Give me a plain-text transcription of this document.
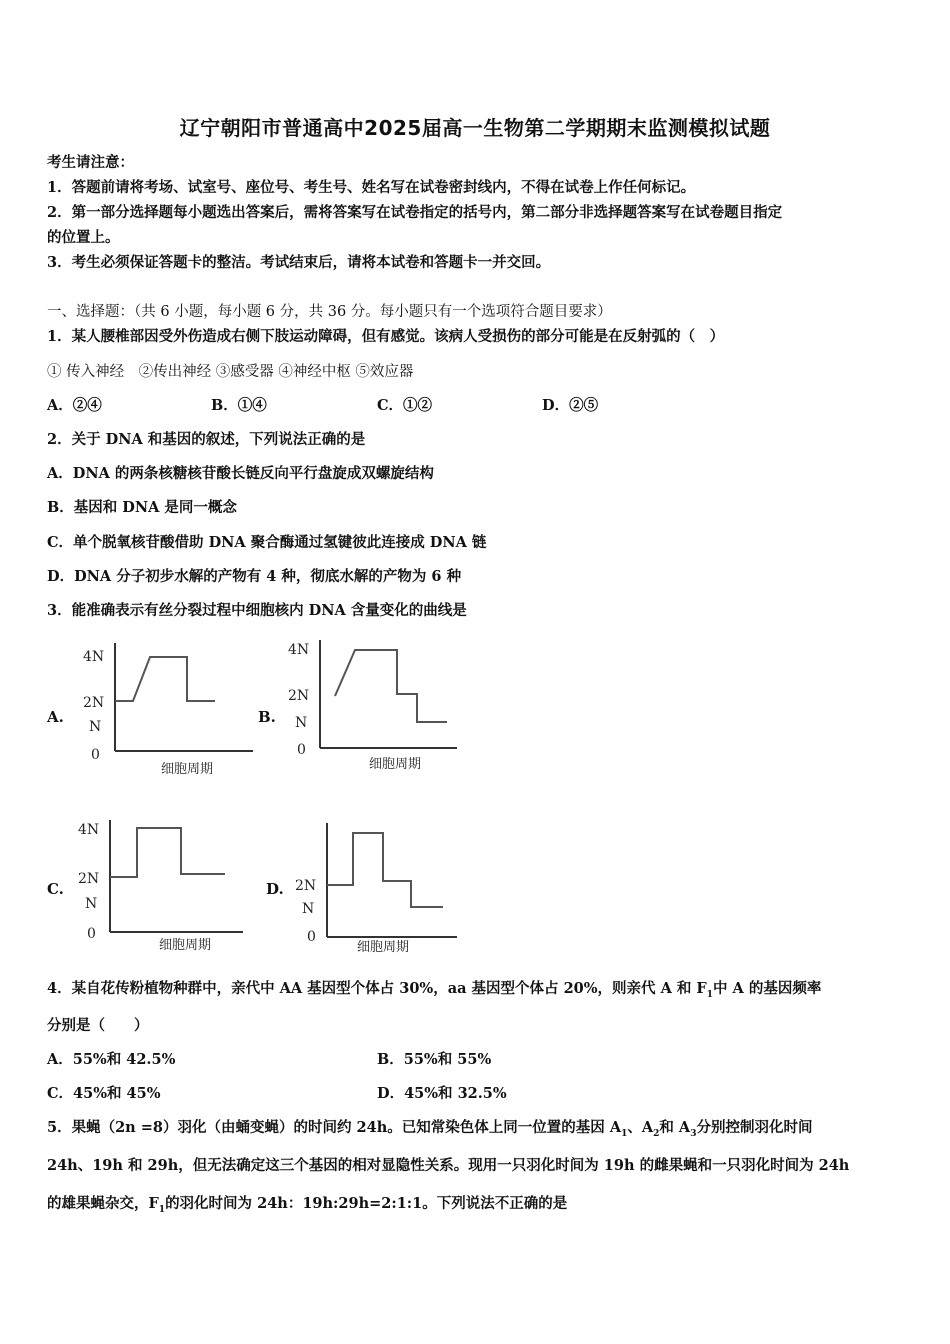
辽宁朝阳市普通高中2025届高一生物第二学期期末监测模拟试题
考生请注意：
1．答题前请将考场、试室号、座位号、考生号、姓名写在试卷密封线内，不得在试卷上作任何标记。
2．第一部分选择题每小题选出答案后，需将答案写在试卷指定的括号内，第二部分非选择题答案写在试卷题目指定
的位置上。
3．考生必须保证答题卡的整洁。考试结束后，请将本试卷和答题卡一并交回。
一、选择题：（共 6 小题，每小题 6 分，共 36 分。每小题只有一个选项符合题目要求）
1．某人腰椎部因受外伤造成右侧下肢运动障碍，但有感觉。该病人受损伤的部分可能是在反射弧的（　）
① 传入神经　②传出神经 ③感受器 ④神经中枢 ⑤效应器
A．②④	B．①④	C．①②	D．②⑤
2．关于 DNA 和基因的叙述，下列说法正确的是
A．DNA 的两条核糖核苷酸长链反向平行盘旋成双螺旋结构
B．基因和 DNA 是同一概念
C．单个脱氧核苷酸借助 DNA 聚合酶通过氢键彼此连接成 DNA 链
D．DNA 分子初步水解的产物有 4 种，彻底水解的产物为 6 种
3．能准确表示有丝分裂过程中细胞核内 DNA 含量变化的曲线是
A.	B.
C.	D.
4N
2N
N
0
细胞周期
4N
2N
N
0
细胞周期
4N
2N
N
0
细胞周期
2N
N
0
细胞周期
4．某自花传粉植物种群中，亲代中 AA 基因型个体占 30%，aa 基因型个体占 20%，则亲代 A 和 $F_1$中 A 的基因频率
分别是（　　）
A．55%和 42.5%	B．55%和 55%
C．45%和 45%	D．45%和 32.5%
5．果蝇（2n =8）羽化（由蛹变蝇）的时间约 24h。已知常染色体上同一位置的基因 $A_1$、$A_2$和 $A_3$分别控制羽化时间
24h、19h 和 29h，但无法确定这三个基因的相对显隐性关系。现用一只羽化时间为 19h 的雌果蝇和一只羽化时间为 24h
的雄果蝇杂交，$F_1$的羽化时间为 24h：19h:29h=2:1:1。下列说法不正确的是
